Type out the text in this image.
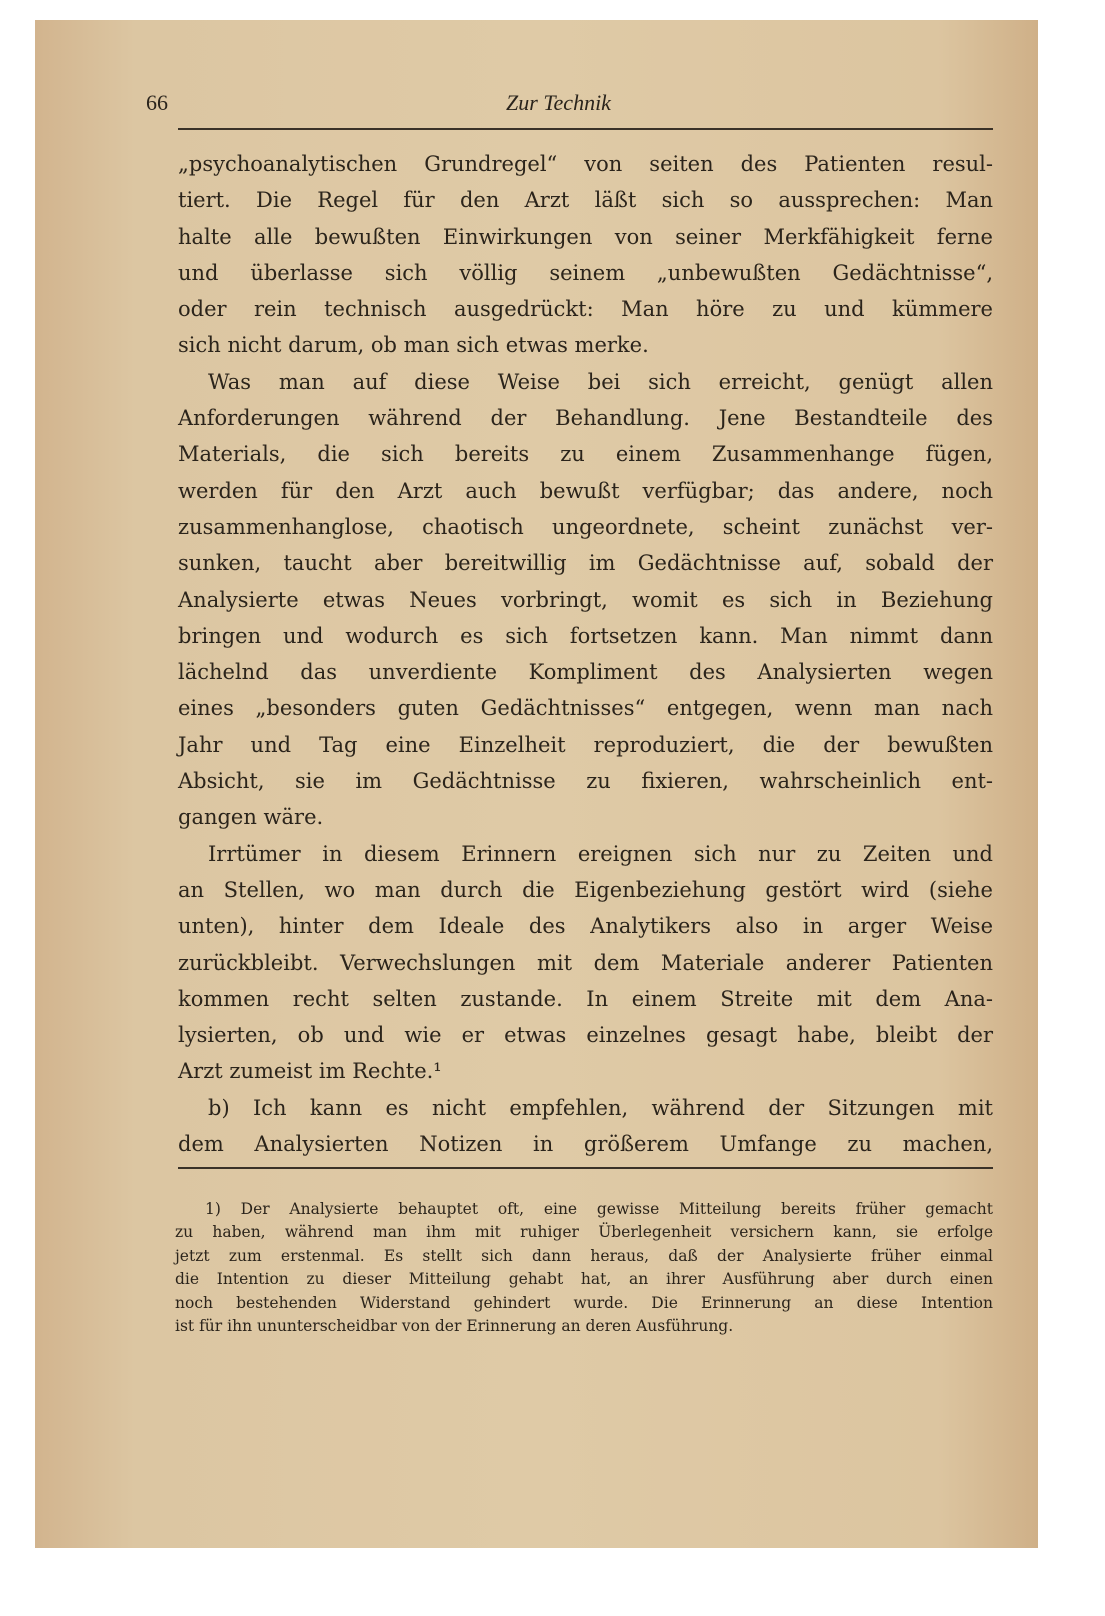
66	Zur Technik
„psychoanalytischen Grundregel“ von seiten des Patienten resul-
tiert. Die Regel für den Arzt läßt sich so aussprechen: Man
halte alle bewußten Einwirkungen von seiner Merkfähigkeit ferne
und überlasse sich völlig seinem „unbewußten Gedächtnisse“,
oder rein technisch ausgedrückt: Man höre zu und kümmere
sich nicht darum, ob man sich etwas merke.
Was man auf diese Weise bei sich erreicht, genügt allen
Anforderungen während der Behandlung. Jene Bestandteile des
Materials, die sich bereits zu einem Zusammenhange fügen,
werden für den Arzt auch bewußt verfügbar; das andere, noch
zusammenhanglose, chaotisch ungeordnete, scheint zunächst ver-
sunken, taucht aber bereitwillig im Gedächtnisse auf, sobald der
Analysierte etwas Neues vorbringt, womit es sich in Beziehung
bringen und wodurch es sich fortsetzen kann. Man nimmt dann
lächelnd das unverdiente Kompliment des Analysierten wegen
eines „besonders guten Gedächtnisses“ entgegen, wenn man nach
Jahr und Tag eine Einzelheit reproduziert, die der bewußten
Absicht, sie im Gedächtnisse zu fixieren, wahrscheinlich ent-
gangen wäre.
Irrtümer in diesem Erinnern ereignen sich nur zu Zeiten und
an Stellen, wo man durch die Eigenbeziehung gestört wird (siehe
unten), hinter dem Ideale des Analytikers also in arger Weise
zurückbleibt. Verwechslungen mit dem Materiale anderer Patienten
kommen recht selten zustande. In einem Streite mit dem Ana-
lysierten, ob und wie er etwas einzelnes gesagt habe, bleibt der
Arzt zumeist im Rechte.¹
b) Ich kann es nicht empfehlen, während der Sitzungen mit
dem Analysierten Notizen in größerem Umfange zu machen,
1) Der Analysierte behauptet oft, eine gewisse Mitteilung bereits früher gemacht
zu haben, während man ihm mit ruhiger Überlegenheit versichern kann, sie erfolge
jetzt zum erstenmal. Es stellt sich dann heraus, daß der Analysierte früher einmal
die Intention zu dieser Mitteilung gehabt hat, an ihrer Ausführung aber durch einen
noch bestehenden Widerstand gehindert wurde. Die Erinnerung an diese Intention
ist für ihn ununterscheidbar von der Erinnerung an deren Ausführung.
